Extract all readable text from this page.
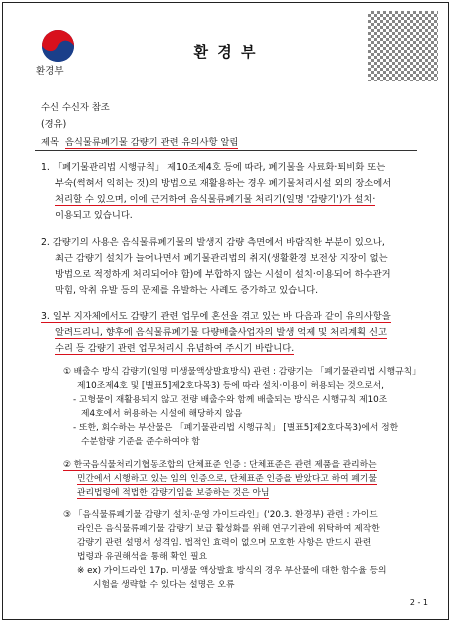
환경부
환 경 부
수신 수신자 참조
(경유)
제목 음식물류폐기물 감량기 관련 유의사항 알림

1. 「폐기물관리법 시행규칙」 제10조제4호 등에 따라, 폐기물을 사료화·퇴비화 또는

부숙(썩혀서 익히는 것)의 방법으로 재활용하는 경우 폐기물처리시설 외의 장소에서

처리할 수 있으며, 이에 근거하여 음식물류폐기물 처리기(일명 '감량기')가 설치·

이용되고 있습니다.

2. 감량기의 사용은 음식물류폐기물의 발생지 감량 측면에서 바람직한 부분이 있으나,

최근 감량기 설치가 늘어나면서 폐기물관리법의 취지(생활환경 보전상 지장이 없는

방법으로 적정하게 처리되어야 함)에 부합하지 않는 시설이 설치·이용되어 하수관거

막힘, 악취 유발 등의 문제를 유발하는 사례도 증가하고 있습니다.

3. 일부 지자체에서도 감량기 관련 업무에 혼선을 겪고 있는 바 다음과 같이 유의사항을

알려드리니, 향후에 음식물류폐기물 다량배출사업자의 발생 억제 및 처리계획 신고

수리 등 감량기 관련 업무처리시 유념하여 주시기 바랍니다.

① 배출수 방식 감량기(일명 미생물액상발효방식) 관련 : 감량기는 「폐기물관리법 시행규칙」

제10조제4호 및 [별표5]제2호다목3) 등에 따라 설치·이용이 허용되는 것으로서,

- 고형물이 재활용되지 않고 전량 배출수와 함께 배출되는 방식은 시행규칙 제10조

제4호에서 허용하는 시설에 해당하지 않음

- 또한, 회수하는 부산물은 「폐기물관리법 시행규칙」 [별표5]제2호다목3)에서 정한

수분함량 기준을 준수하여야 함

② 한국음식물처리기협동조합의 단체표준 인증 : 단체표준은 관련 제품을 관리하는

민간에서 시행하고 있는 임의 인증으로, 단체표준 인증을 받았다고 하여 폐기물

관리법령에 적법한 감량기임을 보증하는 것은 아님

③ 「음식물류폐기물 감량기 설치·운영 가이드라인」('20.3. 환경부) 관련 : 가이드

라인은 음식물류폐기물 감량기 보급 활성화를 위해 연구기관에 위탁하여 제작한

감량기 관련 설명서 성격임. 법적인 효력이 없으며 모호한 사항은 반드시 관련

법령과 유권해석을 통해 확인 필요

※ ex) 가이드라인 17p. 미생물 액상발효 방식의 경우 부산물에 대한 함수율 등의

시험을 생략할 수 있다는 설명은 오류

2 - 1
